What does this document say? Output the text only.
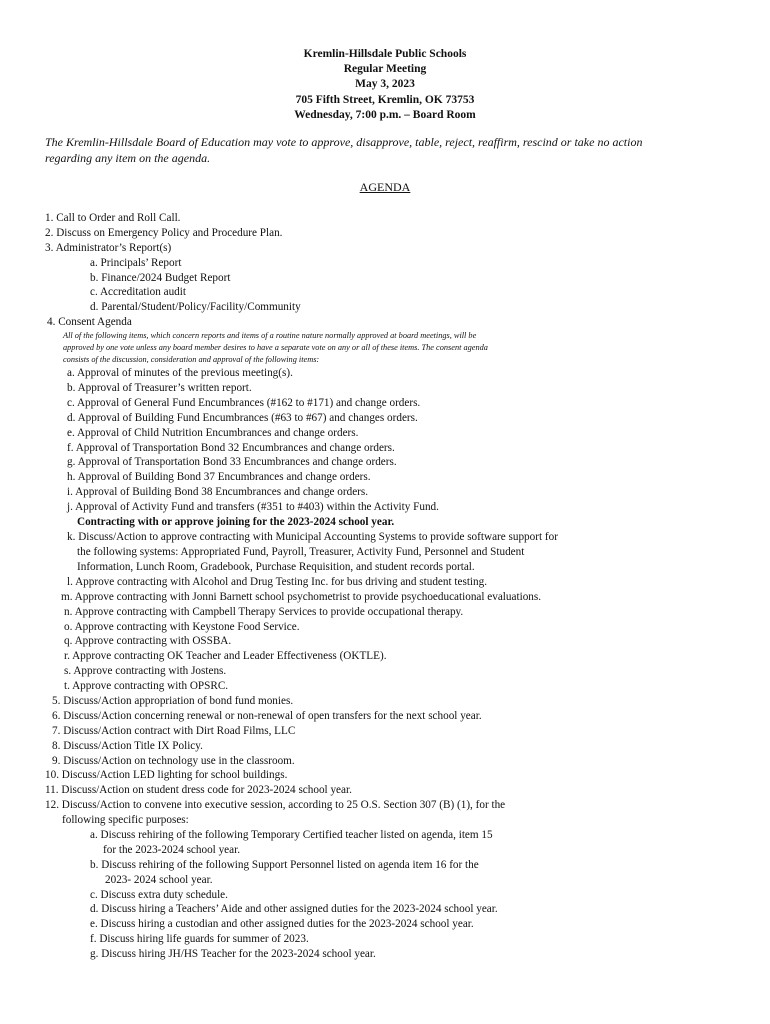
Kremlin-Hillsdale Public Schools
Regular Meeting
May 3, 2023
705 Fifth Street, Kremlin, OK 73753
Wednesday, 7:00 p.m. – Board Room
The Kremlin-Hillsdale Board of Education may vote to approve, disapprove, table, reject, reaffirm, rescind or take no action
regarding any item on the agenda.
AGENDA
1. Call to Order and Roll Call.
2. Discuss on Emergency Policy and Procedure Plan.
3. Administrator’s Report(s)
a. Principals’ Report
b. Finance/2024 Budget Report
c. Accreditation audit
d. Parental/Student/Policy/Facility/Community
4. Consent Agenda
All of the following items, which concern reports and items of a routine nature normally approved at board meetings, will be
approved by one vote unless any board member desires to have a separate vote on any or all of these items. The consent agenda
consists of the discussion, consideration and approval of the following items:
a. Approval of minutes of the previous meeting(s).
b. Approval of Treasurer’s written report.
c. Approval of General Fund Encumbrances (#162 to #171) and change orders.
d. Approval of Building Fund Encumbrances (#63 to #67) and changes orders.
e. Approval of Child Nutrition Encumbrances and change orders.
f. Approval of Transportation Bond 32 Encumbrances and change orders.
g. Approval of Transportation Bond 33 Encumbrances and change orders.
h. Approval of Building Bond 37 Encumbrances and change orders.
i. Approval of Building Bond 38 Encumbrances and change orders.
j. Approval of Activity Fund and transfers (#351 to #403) within the Activity Fund.
Contracting with or approve joining for the 2023-2024 school year.
k. Discuss/Action to approve contracting with Municipal Accounting Systems to provide software support for
the following systems: Appropriated Fund, Payroll, Treasurer, Activity Fund, Personnel and Student
Information, Lunch Room, Gradebook, Purchase Requisition, and student records portal.
l. Approve contracting with Alcohol and Drug Testing Inc. for bus driving and student testing.
m. Approve contracting with Jonni Barnett school psychometrist to provide psychoeducational evaluations.
n. Approve contracting with Campbell Therapy Services to provide occupational therapy.
o. Approve contracting with Keystone Food Service.
q. Approve contracting with OSSBA.
r. Approve contracting OK Teacher and Leader Effectiveness (OKTLE).
s. Approve contracting with Jostens.
t. Approve contracting with OPSRC.
5. Discuss/Action appropriation of bond fund monies.
6. Discuss/Action concerning renewal or non-renewal of open transfers for the next school year.
7. Discuss/Action contract with Dirt Road Films, LLC
8. Discuss/Action Title IX Policy.
9. Discuss/Action on technology use in the classroom.
10. Discuss/Action LED lighting for school buildings.
11. Discuss/Action on student dress code for 2023-2024 school year.
12. Discuss/Action to convene into executive session, according to 25 O.S. Section 307 (B) (1), for the
following specific purposes:
a. Discuss rehiring of the following Temporary Certified teacher listed on agenda, item 15
for the 2023-2024 school year.
b. Discuss rehiring of the following Support Personnel listed on agenda item 16 for the
2023- 2024 school year.
c. Discuss extra duty schedule.
d. Discuss hiring a Teachers’ Aide and other assigned duties for the 2023-2024 school year.
e. Discuss hiring a custodian and other assigned duties for the 2023-2024 school year.
f. Discuss hiring life guards for summer of 2023.
g. Discuss hiring JH/HS Teacher for the 2023-2024 school year.
